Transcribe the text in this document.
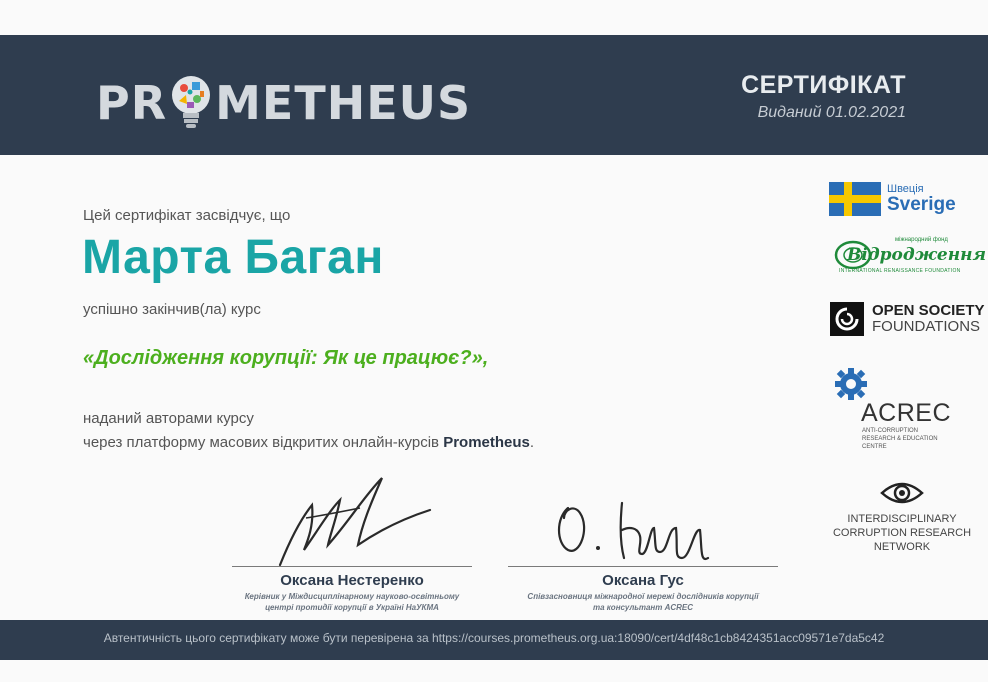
PR METHEUS	СЕРТИФІКАТ
Виданий 01.02.2021
Цей сертифікат засвідчує, що
Марта Баган
успішно закінчив(ла) курс
«Дослідження корупції: Як це працює?»,
наданий авторами курсу
через платформу масових відкритих онлайн-курсів Prometheus.
Швеція
Sverige
міжнародний фонд
Відродження
INTERNATIONAL RENAISSANCE FOUNDATION
OPEN SOCIETY
FOUNDATIONS
ACREC
ANTI-CORRUPTION
RESEARCH & EDUCATION
CENTRE
INTERDISCIPLINARY
CORRUPTION RESEARCH
NETWORK
Оксана Нестеренко
Керівник у Міждисциплінарному науково-освітньому
центрі протидії корупції в Україні НаУКМА
Оксана Гус
Співзасновниця міжнародної мережі дослідників корупції
та консультант ACREC
Автентичність цього сертифікату може бути перевірена за https://courses.prometheus.org.ua:18090/cert/4df48c1cb8424351acc09571e7da5c42
